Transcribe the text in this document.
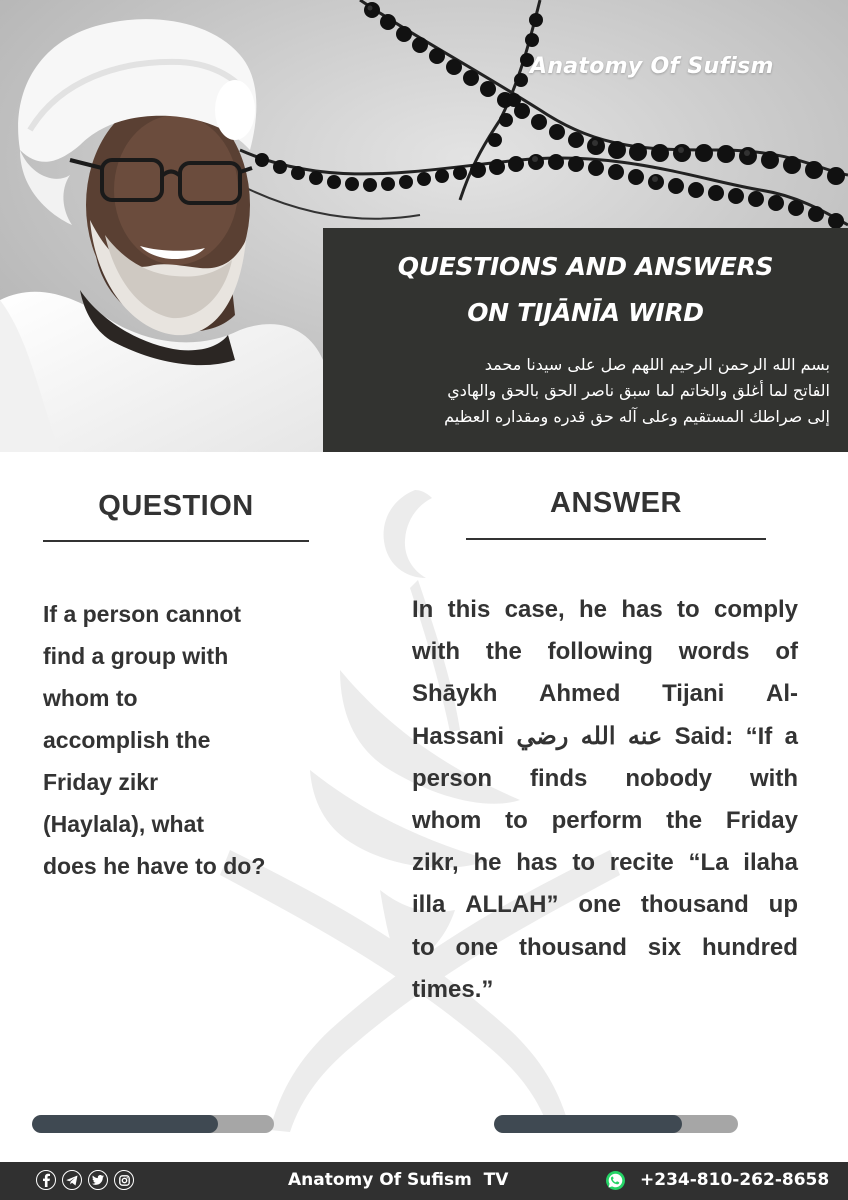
Anatomy Of Sufism
QUESTIONS AND ANSWERS
ON TIJĀNĪA WIRD
بسم الله الرحمن الرحيم اللهم صل على سيدنا محمد
الفاتح لما أغلق والخاتم لما سبق ناصر الحق بالحق والهادي
إلى صراطك المستقيم وعلى آله حق قدره ومقداره العظيم
QUESTION	ANSWER
If a person cannot
find a group with
whom to
accomplish the
Friday zikr
(Haylala), what
does he have to do?
In this case, he has to comply
with the following words of
Shāykh Ahmed Tijani Al-
Hassani رضي الله عنه Said: “If a
person finds nobody with
whom to perform the Friday
zikr, he has to recite “La ilaha
illa ALLAH” one thousand up
to one thousand six hundred
times.”
Anatomy Of Sufism  TV	+234-810-262-8658
